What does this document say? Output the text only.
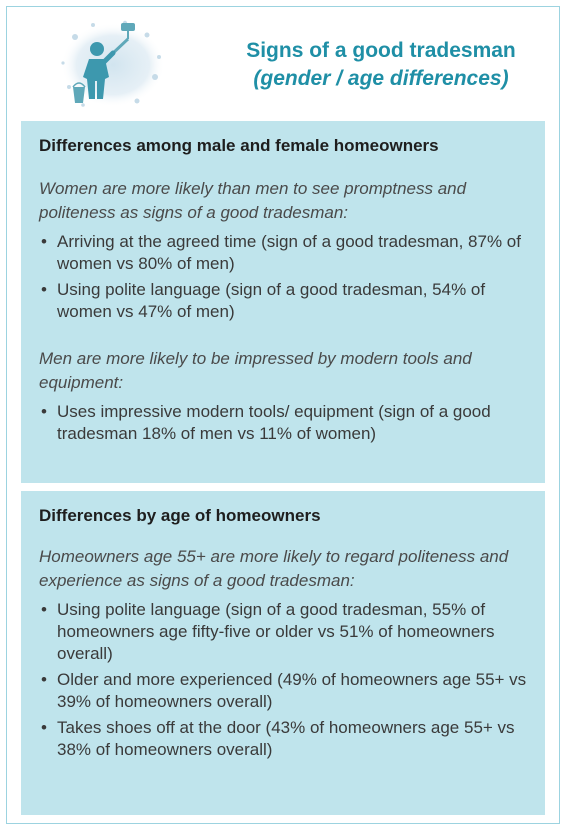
Signs of a good tradesman
(gender / age differences)
Differences among male and female homeowners
Women are more likely than men to see promptness and politeness as signs of a good tradesman:
• Arriving at the agreed time (sign of a good tradesman, 87% of women vs 80% of men)
• Using polite language (sign of a good tradesman, 54% of women vs 47% of men)
Men are more likely to be impressed by modern tools and equipment:
• Uses impressive modern tools/ equipment (sign of a good tradesman 18% of men vs 11% of women)
Differences by age of homeowners
Homeowners age 55+ are more likely to regard politeness and experience as signs of a good tradesman:
• Using polite language (sign of a good tradesman, 55% of homeowners age fifty-five or older vs 51% of homeowners overall)
• Older and more experienced (49% of homeowners age 55+ vs 39% of homeowners overall)
• Takes shoes off at the door (43% of homeowners age 55+ vs 38% of homeowners overall)
